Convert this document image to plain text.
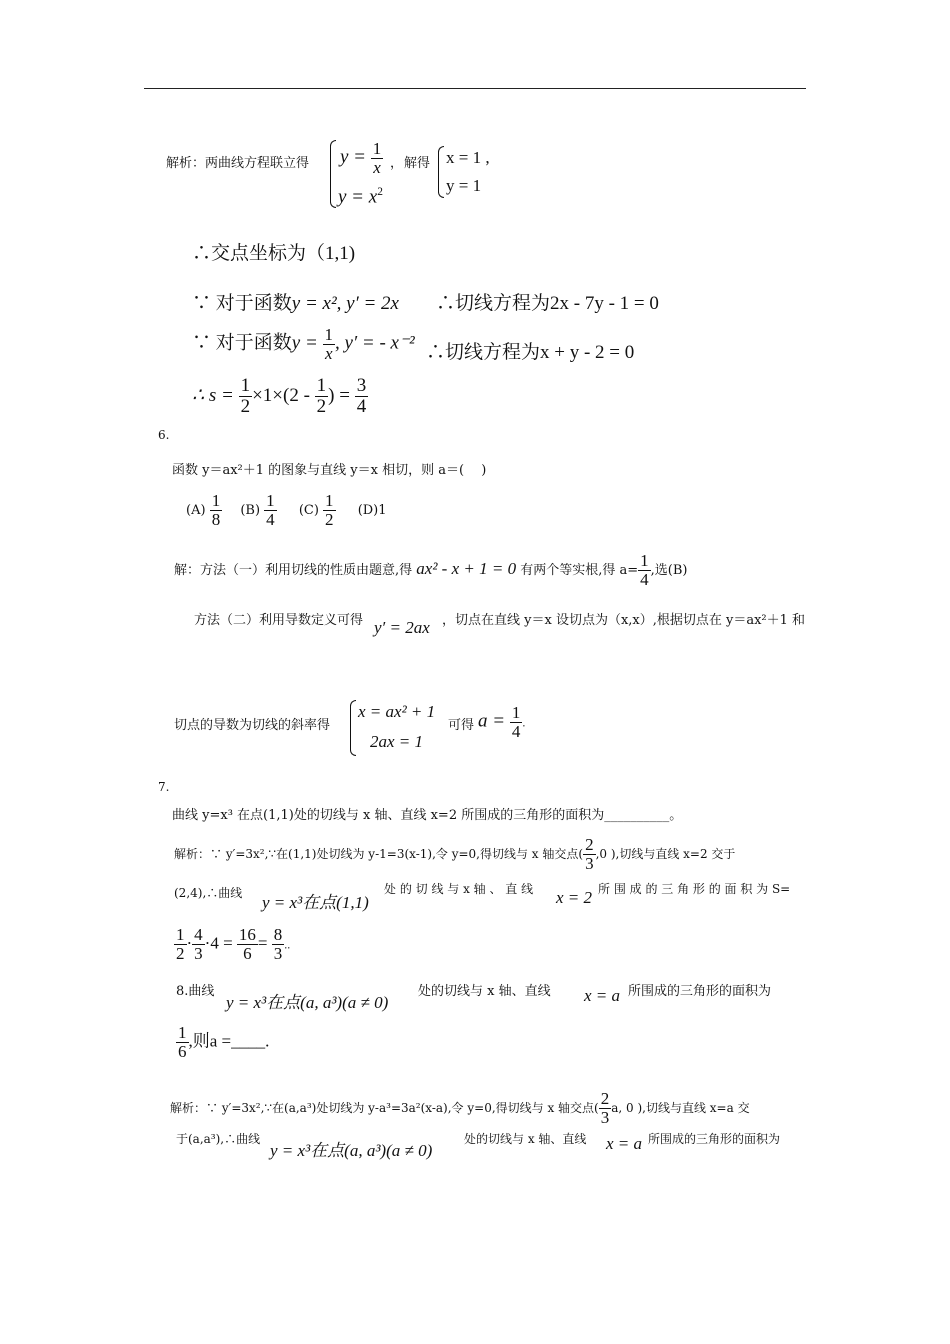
解析：两曲线方程联立得 $y = \frac{1}{x}$
$y = x^2$
， 解得 x = 1 ,
y = 1
∴交点坐标为（1,1)
∵ 对于函数y = x², y′ = 2x ∴切线方程为2x - 7y - 1 = 0
∵ 对于函数$y = \frac{1}{x}$ , y′ = - x⁻² ∴切线方程为x + y - 2 = 0
∴ $s = \frac{1}{2} \times 1\times(2 - \frac{1}{2}$ ) = $\frac{3}{4}$
6.
函数 y＝ax²＋1 的图象与直线 y＝x 相切，则 a＝(　 )
$(A) \frac{1}{8} (B) \frac{1}{4} (C) \frac{1}{2} (D)1$
解：方法（一）利用切线的性质由题意,得 ax² - x + 1 = 0 有两个等实根,得 $a= \frac{1}{4}$ ,选(B)
方法（二）利用导数定义可得 y′ = 2ax ，切点在直线 y＝x 设切点为（x,x）,根据切点在 y＝ax²＋1 和
切点的导数为切线的斜率得
x = ax² + 1
2ax = 1
可得 $a = \frac{1}{4}$ .
7.
曲线 y=x³ 在点(1,1)处的切线与 x 轴、直线 x=2 所围成的三角形的面积为__________。
解析：∵ y′=3x²,∵在(1,1)处切线为 y-1=3(x-1),令 y=0,得切线与 x 轴交点( $\frac{2}{3} ,0$ ),切线与直线 x=2 交于
(2,4),∴曲线 y = x³在点(1,1)
处 的 切 线 与 x 轴 、 直 线 x = 2 所 围 成 的 三 角 形 的 面 积 为 S=
$\frac{1}{2} \cdot \frac{4}{3} \cdot 4 = \frac{16}{6} = \frac{8}{3}$ ..
8.曲线
y = x³在点(a, a³)(a ≠ 0)
处的切线与 x 轴、直线 x = a 所围成的三角形的面积为
$\frac{1}{6}$ ,则a =____.
解析：∵ y′=3x²,∵在(a,a³)处切线为 y-a³=3a²(x-a),令 y=0,得切线与 x 轴交点( $\frac{2}{3} a$, 0 ),切线与直线 x=a 交
于(a,a³),∴曲线
y = x³在点(a, a³)(a ≠ 0)
处的切线与 x 轴、直线 x = a 所围成的三角形的面积为
